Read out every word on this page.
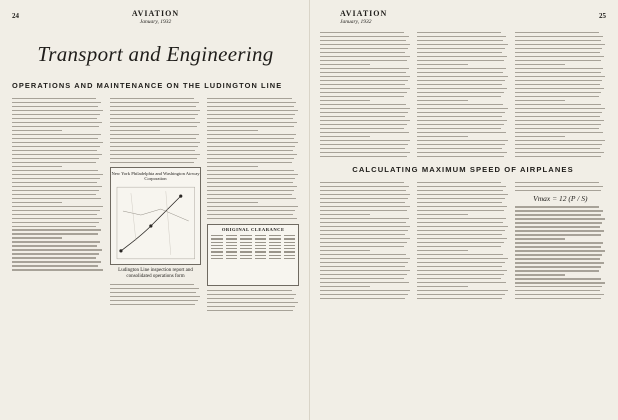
24	AVIATION
January, 1932
Transport and Engineering
OPERATIONS AND MAINTENANCE ON THE LUDINGTON LINE
New York Philadelphia and Washington Airway Corporation
Ludington Line inspection report and consolidated operations form
ORIGINAL CLEARANCE
25
AVIATION
January, 1932
CALCULATING MAXIMUM SPEED OF AIRPLANES
Vmax = 12 (P / S)
